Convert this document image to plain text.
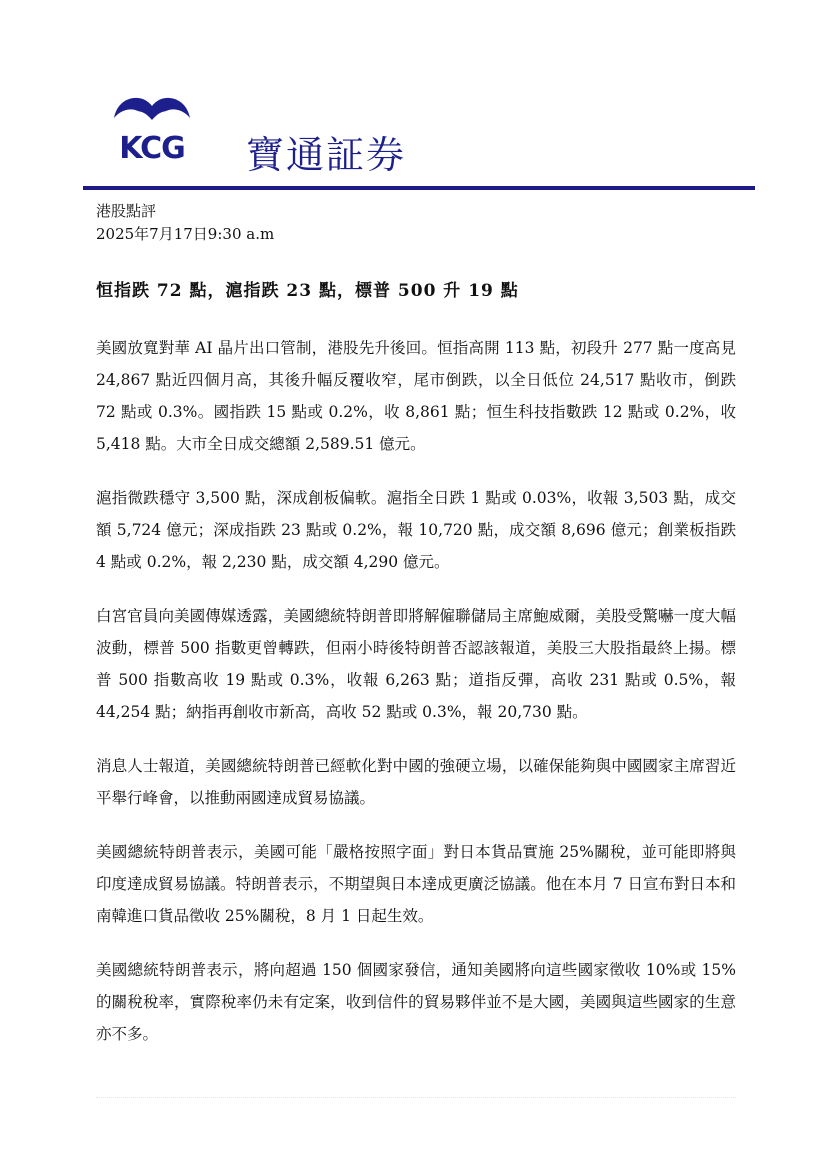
KCG 寶通証券
港股點評
2025年7月17日9:30 a.m
恒指跌 72 點，滬指跌 23 點，標普 500 升 19 點

美國放寬對華 AI 晶片出口管制，港股先升後回。恒指高開 113 點，初段升 277 點一度高見 24,867 點近四個月高，其後升幅反覆收窄，尾市倒跌，以全日低位 24,517 點收市，倒跌 72 點或 0.3%。國指跌 15 點或 0.2%，收 8,861 點；恒生科技指數跌 12 點或 0.2%，收 5,418 點。大市全日成交總額 2,589.51 億元。

滬指微跌穩守 3,500 點，深成創板偏軟。滬指全日跌 1 點或 0.03%，收報 3,503 點，成交額 5,724 億元；深成指跌 23 點或 0.2%，報 10,720 點，成交額 8,696 億元；創業板指跌 4 點或 0.2%，報 2,230 點，成交額 4,290 億元。

白宮官員向美國傳媒透露，美國總統特朗普即將解僱聯儲局主席鮑威爾，美股受驚嚇一度大幅波動，標普 500 指數更曾轉跌，但兩小時後特朗普否認該報道，美股三大股指最終上揚。標普 500 指數高收 19 點或 0.3%，收報 6,263 點；道指反彈，高收 231 點或 0.5%，報 44,254 點；納指再創收市新高，高收 52 點或 0.3%，報 20,730 點。

消息人士報道，美國總統特朗普已經軟化對中國的強硬立場，以確保能夠與中國國家主席習近平舉行峰會，以推動兩國達成貿易協議。

美國總統特朗普表示，美國可能「嚴格按照字面」對日本貨品實施 25%關稅，並可能即將與印度達成貿易協議。特朗普表示，不期望與日本達成更廣泛協議。他在本月 7 日宣布對日本和南韓進口貨品徵收 25%關稅，8 月 1 日起生效。

美國總統特朗普表示，將向超過 150 個國家發信，通知美國將向這些國家徵收 10%或 15%的關稅稅率，實際稅率仍未有定案，收到信件的貿易夥伴並不是大國，美國與這些國家的生意亦不多。
